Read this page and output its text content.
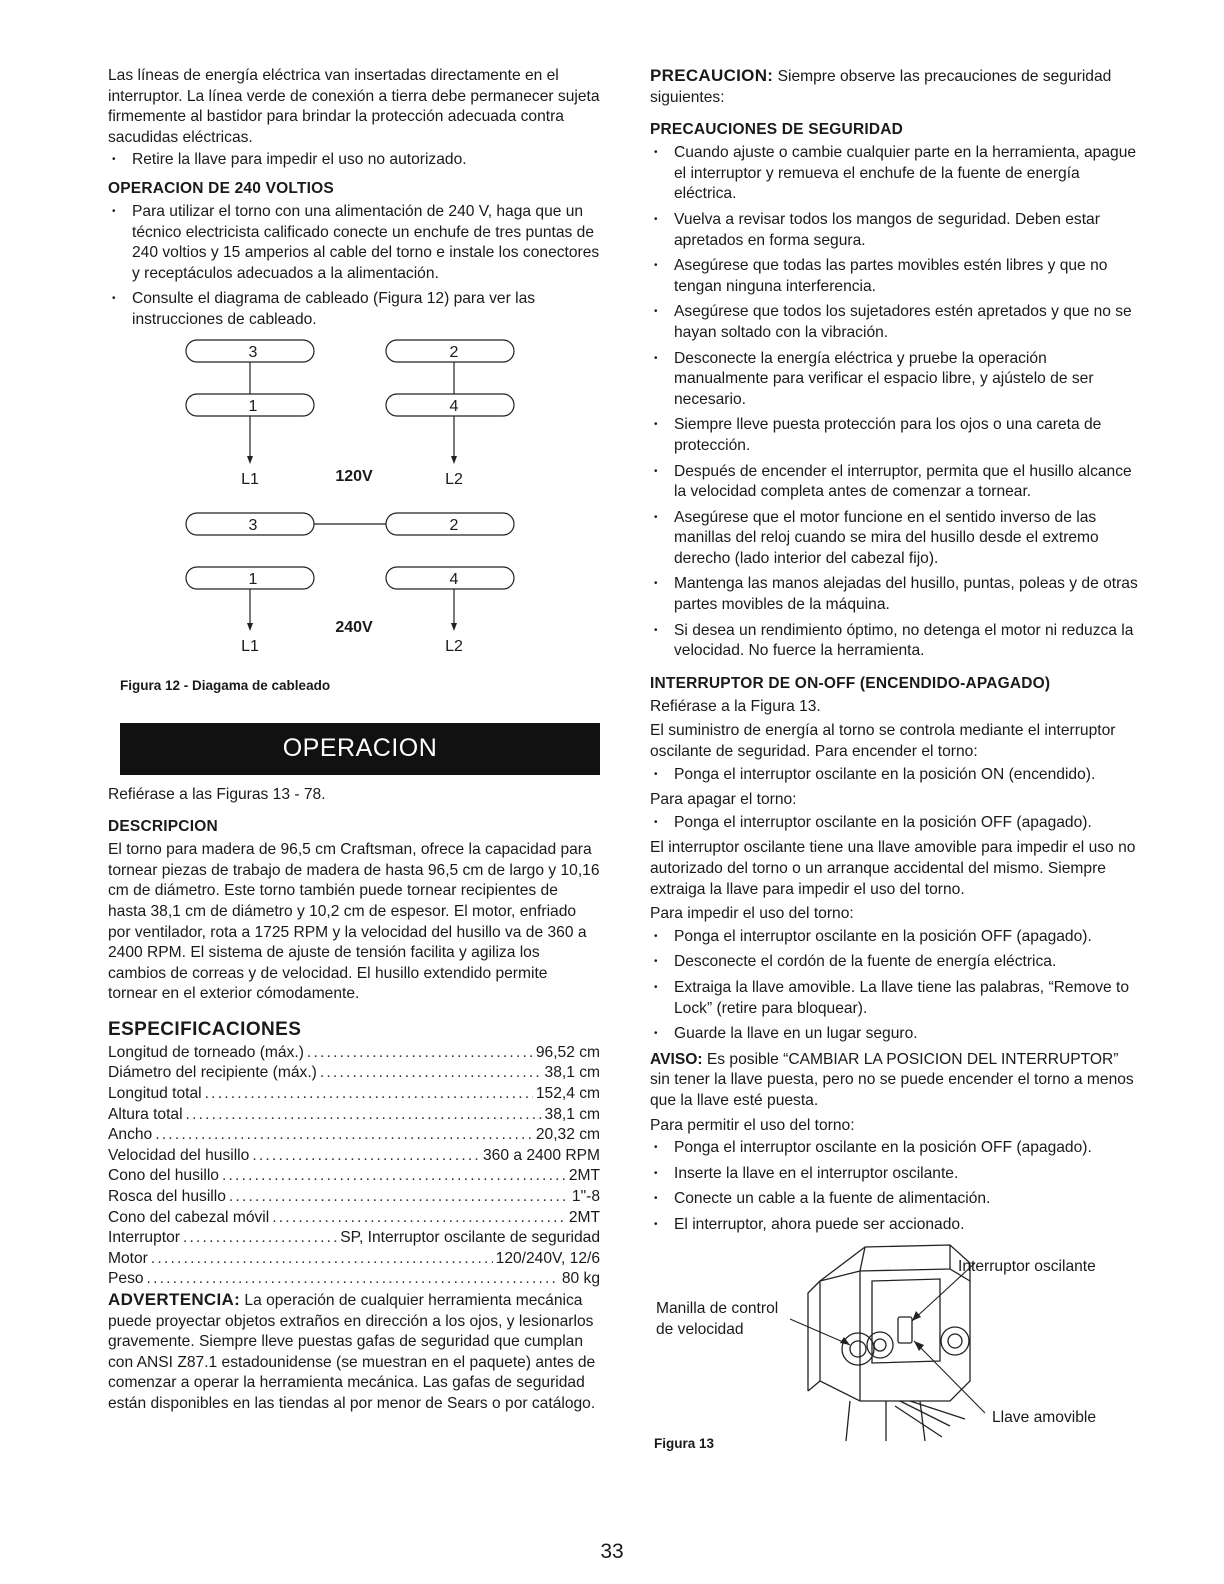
Las líneas de energía eléctrica van insertadas directamente en el interruptor. La línea verde de conexión a tierra debe permanecer sujeta firmemente al bastidor para brindar la protección adecuada contra sacudidas eléctricas.

• Retire la llave para impedir el uso no autorizado.
OPERACION DE 240 VOLTIOS
• Para utilizar el torno con una alimentación de 240 V, haga que un técnico electricista calificado conecte un enchufe de tres puntas de 240 voltios y 15 amperios al cable del torno e instale los conectores y receptáculos adecuados a la alimentación.
• Consulte el diagrama de cableado (Figura 12) para ver las instrucciones de cableado.
3	2
1	4
L1	L2
120V
3	2
1	4
L1	L2
240V
Figura 12 - Diagama de cableado
OPERACION

Refiérase a las Figuras 13 - 78.

DESCRIPCION

El torno para madera de 96,5 cm Craftsman, ofrece la capacidad para tornear piezas de trabajo de madera de hasta 96,5 cm de largo y 10,16 cm de diámetro. Este torno también puede tornear recipientes de hasta 38,1 cm de diámetro y 10,2 cm de espesor. El motor, enfriado por ventilador, rota a 1725 RPM y la velocidad del husillo va de 360 a 2400 RPM. El sistema de ajuste de tensión facilita y agiliza los cambios de correas y de velocidad. El husillo extendido permite tornear en el exterior cómodamente.

ESPECIFICACIONES
Longitud de torneado (máx.) .....	96,52 cm
Diámetro del recipiente (máx.) .....	38,1 cm
Longitud total .....	152,4 cm
Altura total .....	38,1 cm
Ancho .....	20,32 cm
Velocidad del husillo .....	360 a 2400 RPM
Cono del husillo .....	2MT
Rosca del husillo .....	1"-8
Cono del cabezal móvil .....	2MT
Interruptor .....	SP, Interruptor oscilante de seguridad
Motor .....	120/240V, 12/6
Peso .....	80 kg

ADVERTENCIA: La operación de cualquier herramienta mecánica puede proyectar objetos extraños en dirección a los ojos, y lesionarlos gravemente. Siempre lleve puestas gafas de seguridad que cumplan con ANSI Z87.1 estadounidense (se muestran en el paquete) antes de comenzar a operar la herramienta mecánica. Las gafas de seguridad están disponibles en las tiendas al por menor de Sears o por catálogo.

PRECAUCION: Siempre observe las precauciones de seguridad siguientes:

PRECAUCIONES DE SEGURIDAD
• Cuando ajuste o cambie cualquier parte en la herramienta, apague el interruptor y remueva el enchufe de la fuente de energía eléctrica.
• Vuelva a revisar todos los mangos de seguridad. Deben estar apretados en forma segura.
• Asegúrese que todas las partes movibles estén libres y que no tengan ninguna interferencia.
• Asegúrese que todos los sujetadores estén apretados y que no se hayan soltado con la vibración.
• Desconecte la energía eléctrica y pruebe la operación manualmente para verificar el espacio libre, y ajústelo de ser necesario.
• Siempre lleve puesta protección para los ojos o una careta de protección.
• Después de encender el interruptor, permita que el husillo alcance la velocidad completa antes de comenzar a tornear.
• Asegúrese que el motor funcione en el sentido inverso de las manillas del reloj cuando se mira del husillo desde el extremo derecho (lado interior del cabezal fijo).
• Mantenga las manos alejadas del husillo, puntas, poleas y de otras partes movibles de la máquina.
• Si desea un rendimiento óptimo, no detenga el motor ni reduzca la velocidad. No fuerce la herramienta.
INTERRUPTOR DE ON-OFF (ENCENDIDO-APAGADO)

Refiérase a la Figura 13.

El suministro de energía al torno se controla mediante el interruptor oscilante de seguridad. Para encender el torno:

• Ponga el interruptor oscilante en la posición ON (encendido).

Para apagar el torno:

• Ponga el interruptor oscilante en la posición OFF (apagado).

El interruptor oscilante tiene una llave amovible para impedir el uso no autorizado del torno o un arranque accidental del mismo. Siempre extraiga la llave para impedir el uso del torno.

Para impedir el uso del torno:

• Ponga el interruptor oscilante en la posición OFF (apagado).
• Desconecte el cordón de la fuente de energía eléctrica.
• Extraiga la llave amovible. La llave tiene las palabras, “Remove to Lock” (retire para bloquear).
• Guarde la llave en un lugar seguro.

AVISO: Es posible “CAMBIAR LA POSICION DEL INTERRUPTOR” sin tener la llave puesta, pero no se puede encender el torno a menos que la llave esté puesta.

Para permitir el uso del torno:

• Ponga el interruptor oscilante en la posición OFF (apagado).
• Inserte la llave en el interruptor oscilante.
• Conecte un cable a la fuente de alimentación.
• El interruptor, ahora puede ser accionado.
Interruptor oscilante
Manilla de control
de velocidad
Llave amovible
Figura 13
33
